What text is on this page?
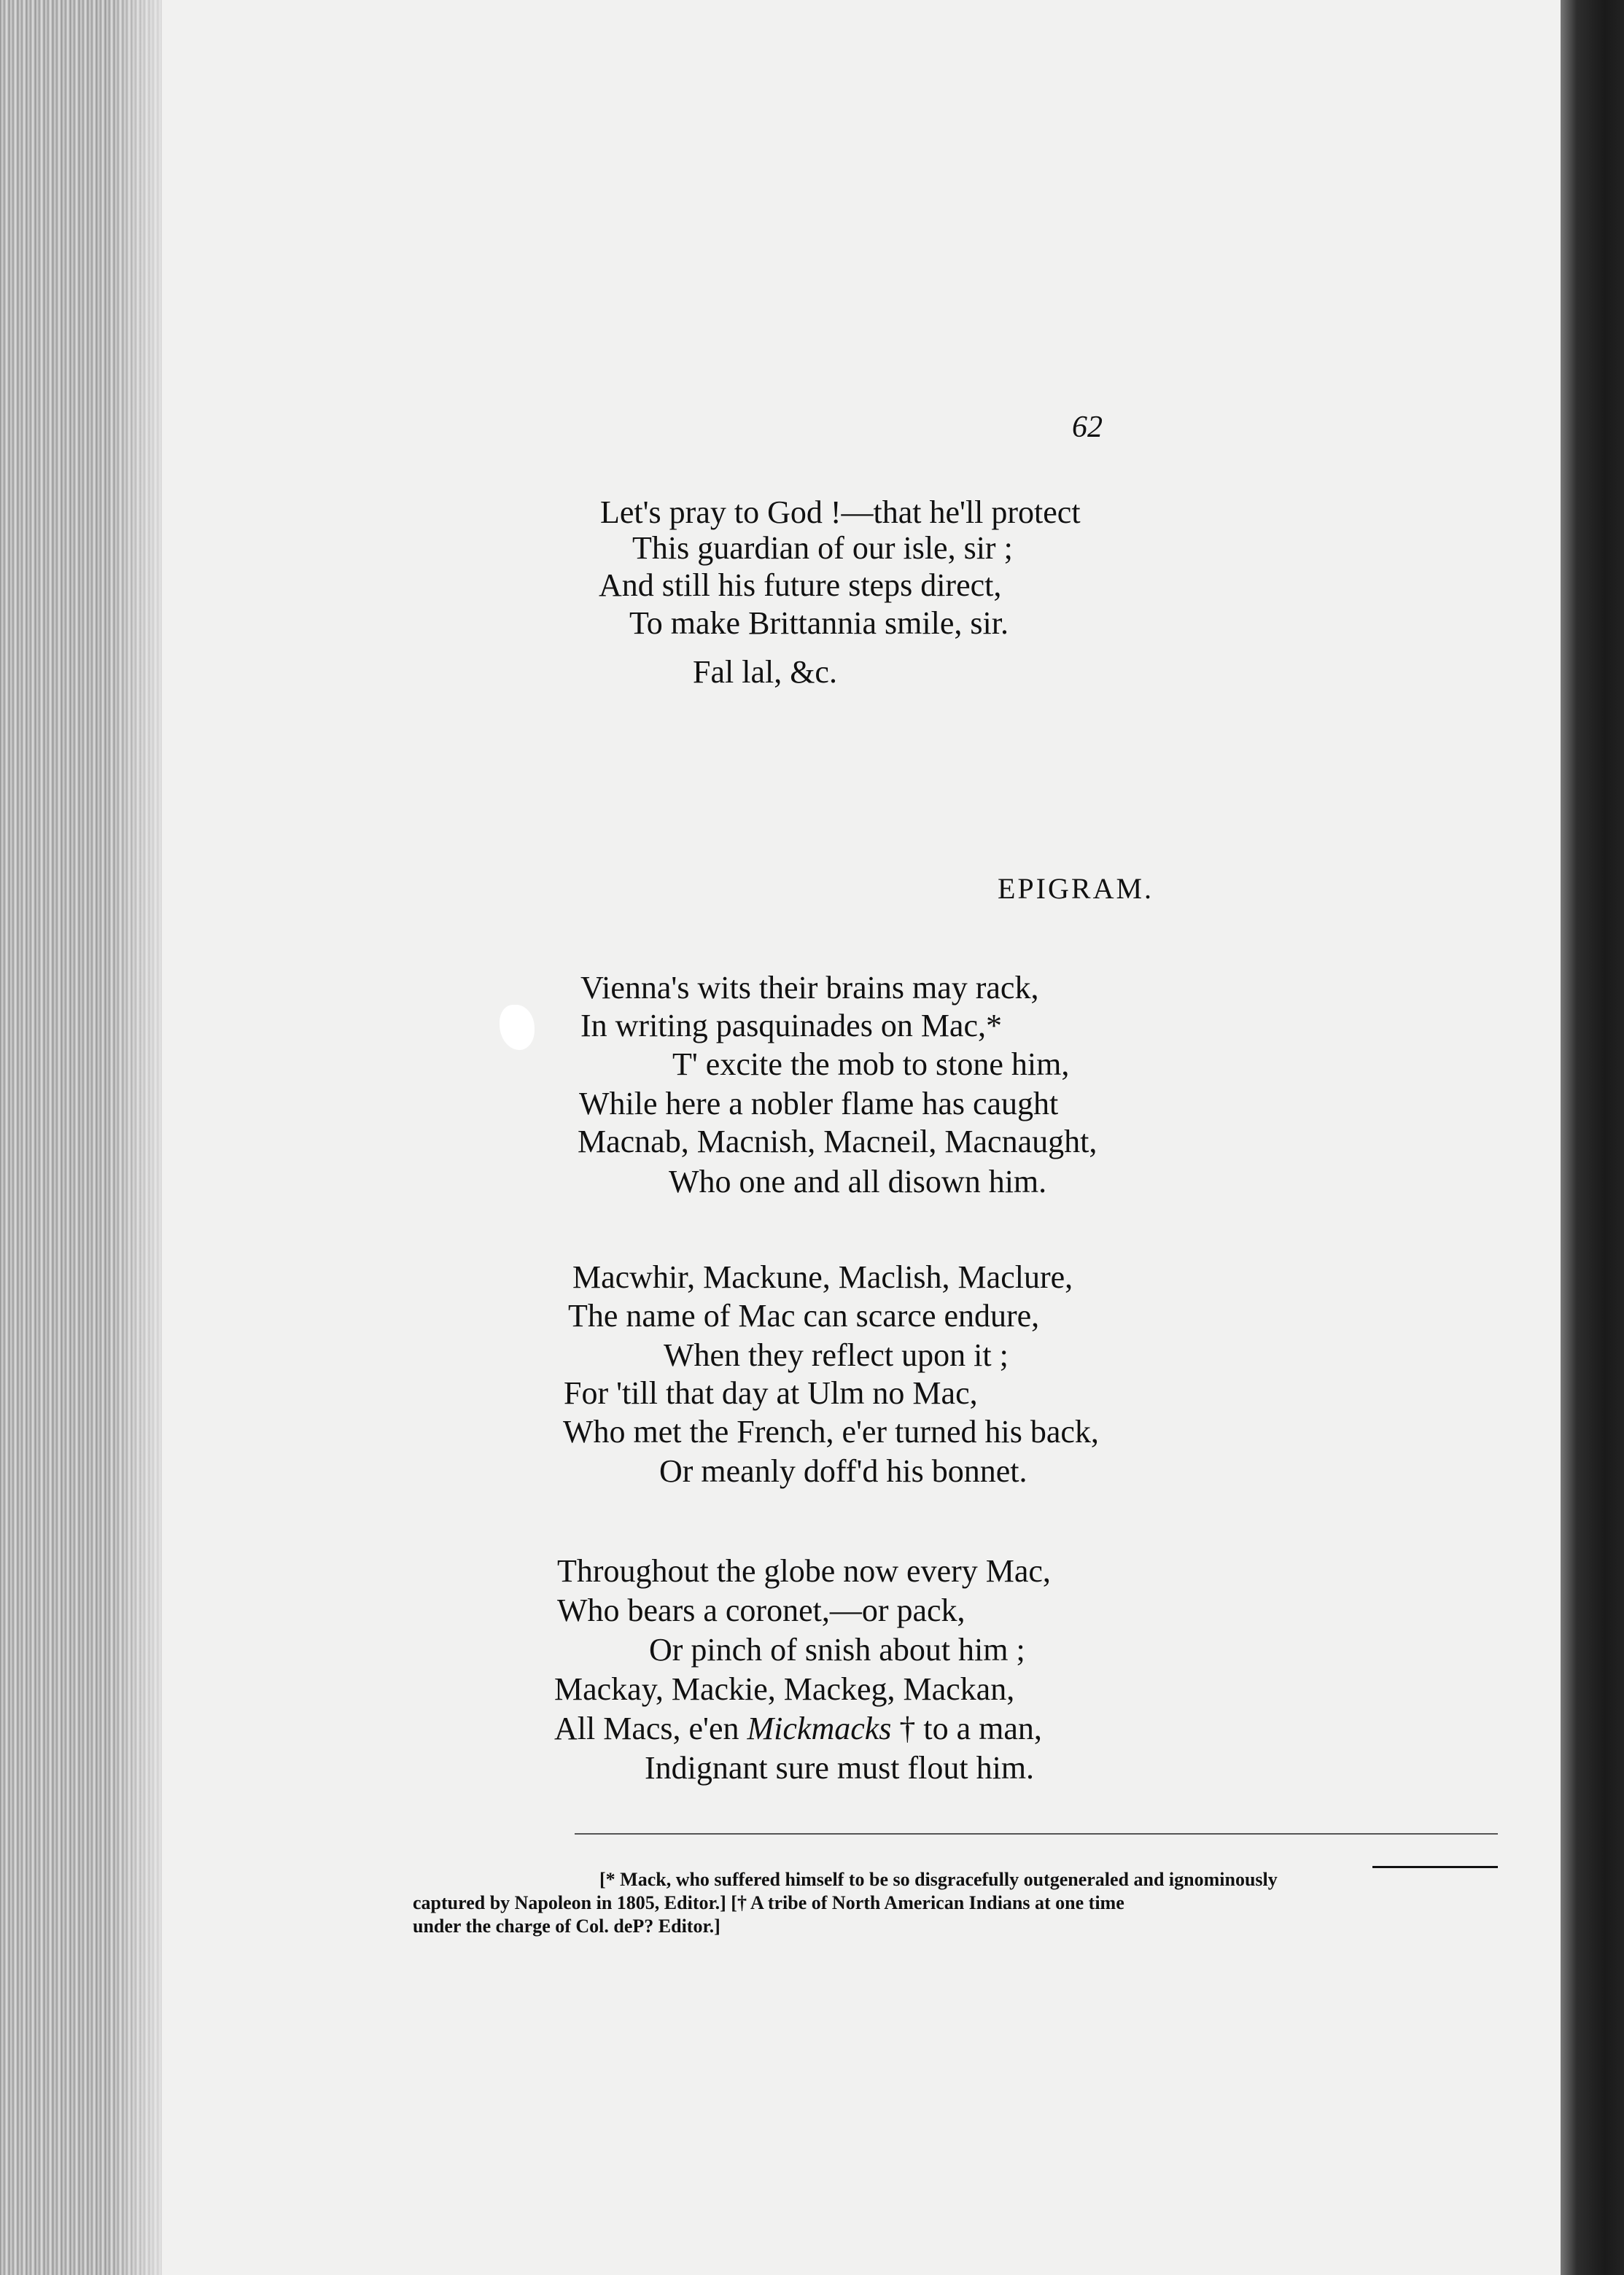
62
Let's pray to God !—that he'll protect
This guardian of our isle, sir ;
And still his future steps direct,
To make Brittannia smile, sir.
Fal lal, &c.
EPIGRAM.
Vienna's wits their brains may rack,
In writing pasquinades on Mac,*
T' excite the mob to stone him,
While here a nobler flame has caught
Macnab, Macnish, Macneil, Macnaught,
Who one and all disown him.
Macwhir, Mackune, Maclish, Maclure,
The name of Mac can scarce endure,
When they reflect upon it ;
For 'till that day at Ulm no Mac,
Who met the French, e'er turned his back,
Or meanly doff'd his bonnet.
Throughout the globe now every Mac,
Who bears a coronet,—or pack,
Or pinch of snish about him ;
Mackay, Mackie, Mackeg, Mackan,
All Macs, e'en Mickmacks † to a man,
Indignant sure must flout him.
[* Mack, who suffered himself to be so disgracefully outgeneraled and ignominously
captured by Napoleon in 1805, Editor.] [† A tribe of North American Indians at one time
under the charge of Col. deP? Editor.]
